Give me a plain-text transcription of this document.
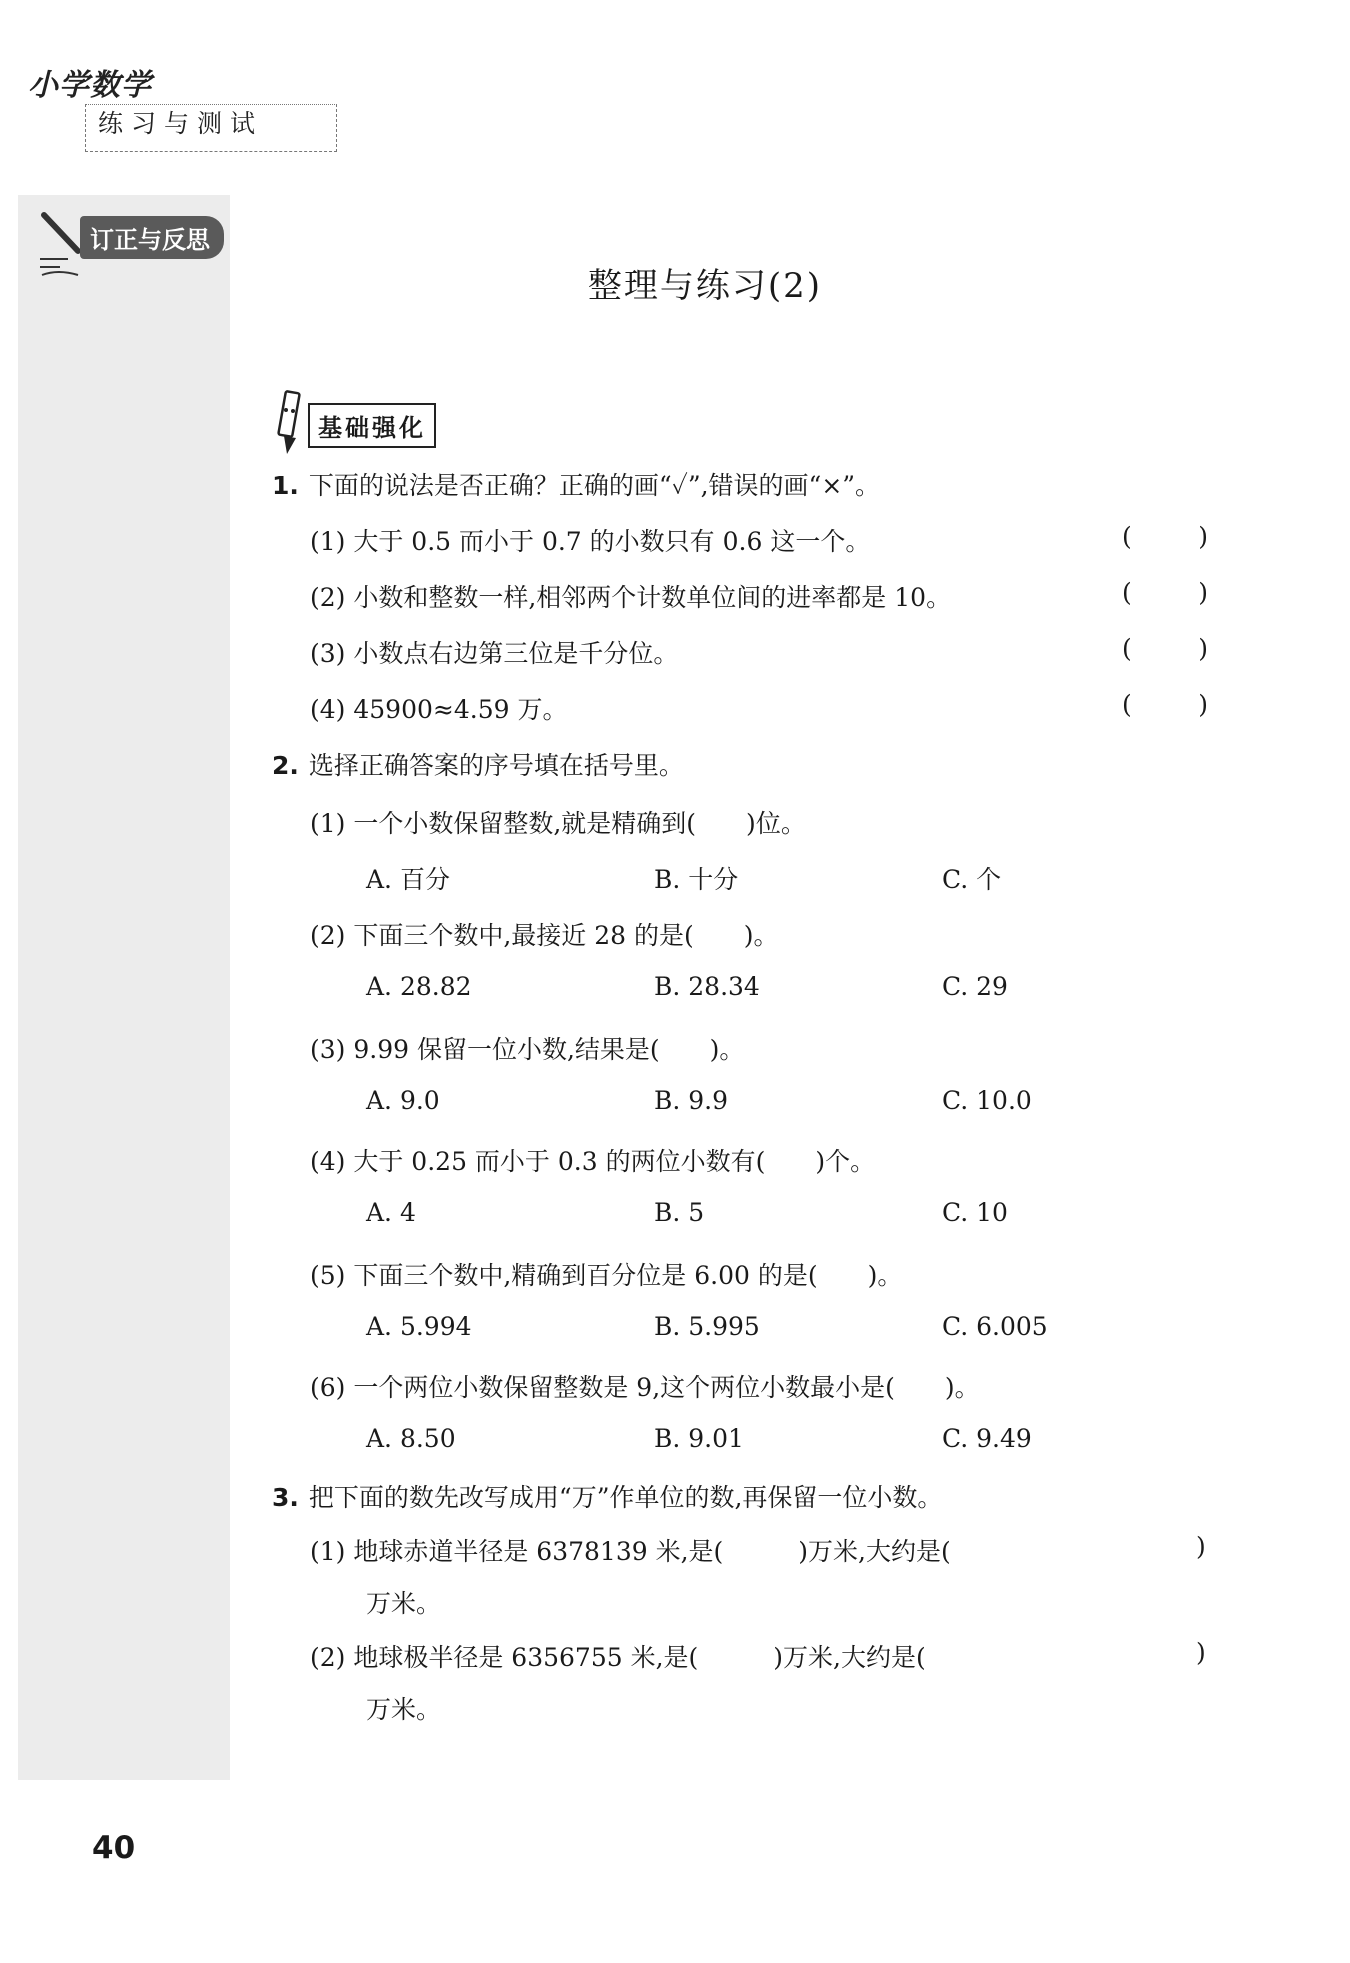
小学数学
练习与测试
订正与反思
整理与练习(2)
基础强化
1. 下面的说法是否正确？正确的画“✓”,错误的画“×”。
(1) 大于 0.5 而小于 0.7 的小数只有 0.6 这一个。	(	)
(2) 小数和整数一样,相邻两个计数单位间的进率都是 10。	(	)
(3) 小数点右边第三位是千分位。	(	)
(4) 45900≈4.59 万。	(	)
2. 选择正确答案的序号填在括号里。
(1) 一个小数保留整数,就是精确到(　　)位。
A. 百分	B. 十分	C. 个
(2) 下面三个数中,最接近 28 的是(　　)。
A. 28.82	B. 28.34	C. 29
(3) 9.99 保留一位小数,结果是(　　)。
A. 9.0	B. 9.9	C. 10.0
(4) 大于 0.25 而小于 0.3 的两位小数有(　　)个。
A. 4	B. 5	C. 10
(5) 下面三个数中,精确到百分位是 6.00 的是(　　)。
A. 5.994	B. 5.995	C. 6.005
(6) 一个两位小数保留整数是 9,这个两位小数最小是(　　)。
A. 8.50	B. 9.01	C. 9.49
3. 把下面的数先改写成用“万”作单位的数,再保留一位小数。
(1) 地球赤道半径是 6378139 米,是(　　　)万米,大约是(	)
万米。
(2) 地球极半径是 6356755 米,是(　　　)万米,大约是(	)
万米。
40
